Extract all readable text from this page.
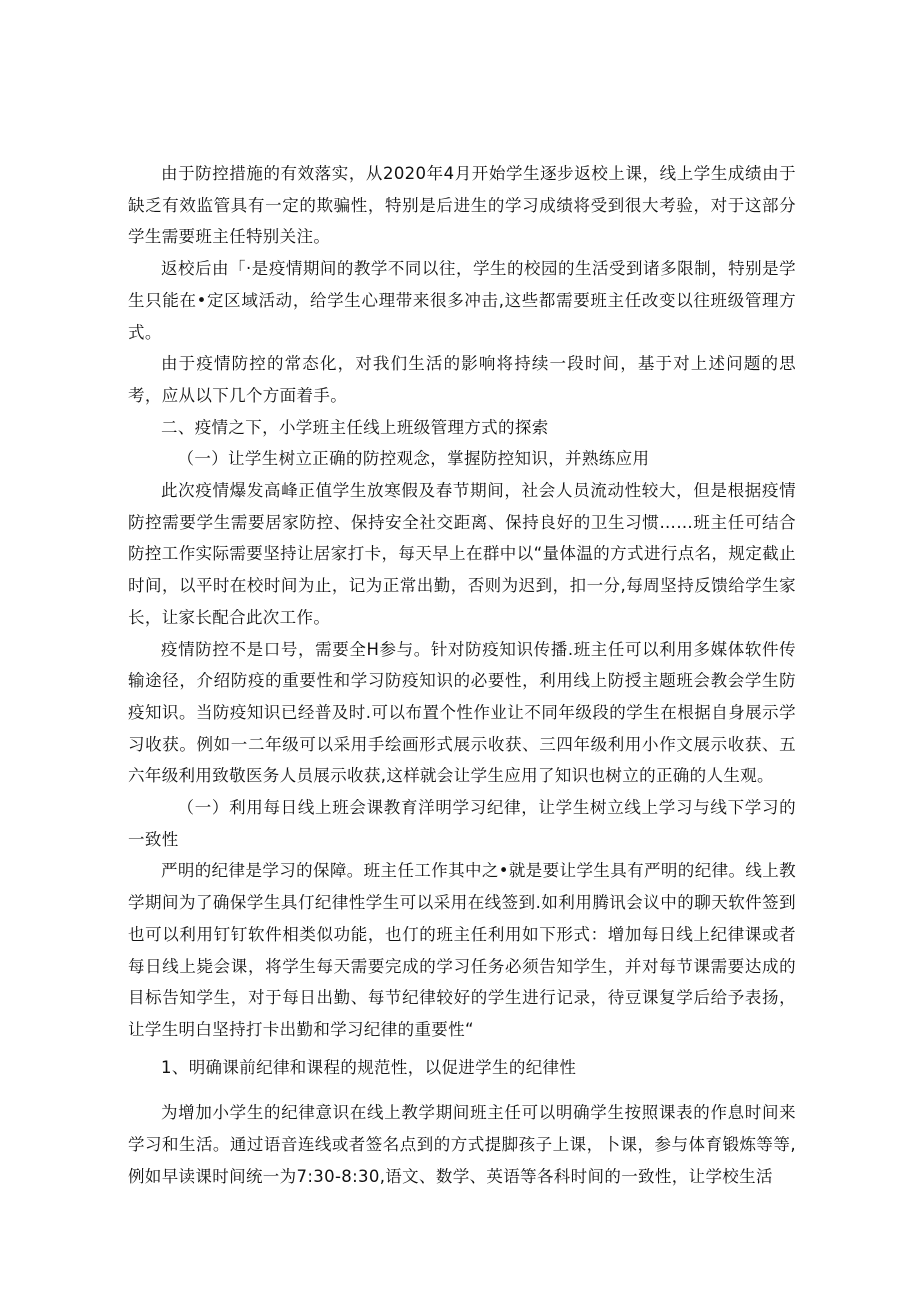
由于防控措施的有效落实，从2020年4月开始学生逐步返校上课，线上学生成绩由于缺乏有效监管具有一定的欺骗性，特别是后进生的学习成绩将受到很大考验，对于这部分学生需要班主任特别关注。

返校后由「·是疫情期间的教学不同以往，学生的校园的生活受到诸多限制，特别是学生只能在•定区域活动，给学生心理带来很多冲击,这些都需要班主任改变以往班级管理方式。

由于疫情防控的常态化，对我们生活的影响将持续一段时间，基于对上述问题的思考，应从以下几个方面着手。

二、疫情之下，小学班主任线上班级管理方式的探索

（一）让学生树立正确的防控观念，掌握防控知识，并熟练应用

此次疫情爆发高峰正值学生放寒假及春节期间，社会人员流动性较大，但是根据疫情防控需要学生需要居家防控、保持安全社交距离、保持良好的卫生习惯……班主任可结合防控工作实际需要坚持让居家打卡，每天早上在群中以“量体温的方式进行点名，规定截止时间，以平时在校时间为止，记为正常出勤，否则为迟到，扣一分,每周坚持反馈给学生家长，让家长配合此次工作。

疫情防控不是口号，需要全H参与。针对防疫知识传播.班主任可以利用多媒体软件传输途径，介绍防疫的重要性和学习防疫知识的必要性，利用线上防授主题班会教会学生防疫知识。当防疫知识已经普及时.可以布置个性作业让不同年级段的学生在根据自身展示学习收获。例如一二年级可以采用手绘画形式展示收获、三四年级利用小作文展示收获、五六年级利用致敬医务人员展示收获,这样就会让学生应用了知识也树立的正确的人生观。

（一）利用每日线上班会课教育洋明学习纪律，让学生树立线上学习与线下学习的一致性

严明的纪律是学习的保障。班主任工作其中之•就是要让学生具有严明的纪律。线上教学期间为了确保学生具仃纪律性学生可以采用在线签到.如利用腾讯会议中的聊天软件签到也可以利用钉钉软件相类似功能，也仃的班主任利用如下形式：增加每日线上纪律课或者每日线上毙会课，将学生每天需要完成的学习任务必须告知学生，并对每节课需要达成的目标告知学生，对于每日出勤、每节纪律较好的学生进行记录，待豆课复学后给予表扬，让学生明白坚持打卡出勤和学习纪律的重要性“

1、明确课前纪律和课程的规范性，以促进学生的纪律性

为增加小学生的纪律意识在线上教学期间班主任可以明确学生按照课表的作息时间来学习和生活。通过语音连线或者签名点到的方式提脚孩子上课，卜课，参与体育锻炼等等,例如早读课时间统一为7:30-8:30,语文、数学、英语等各科时间的一致性，让学校生活
